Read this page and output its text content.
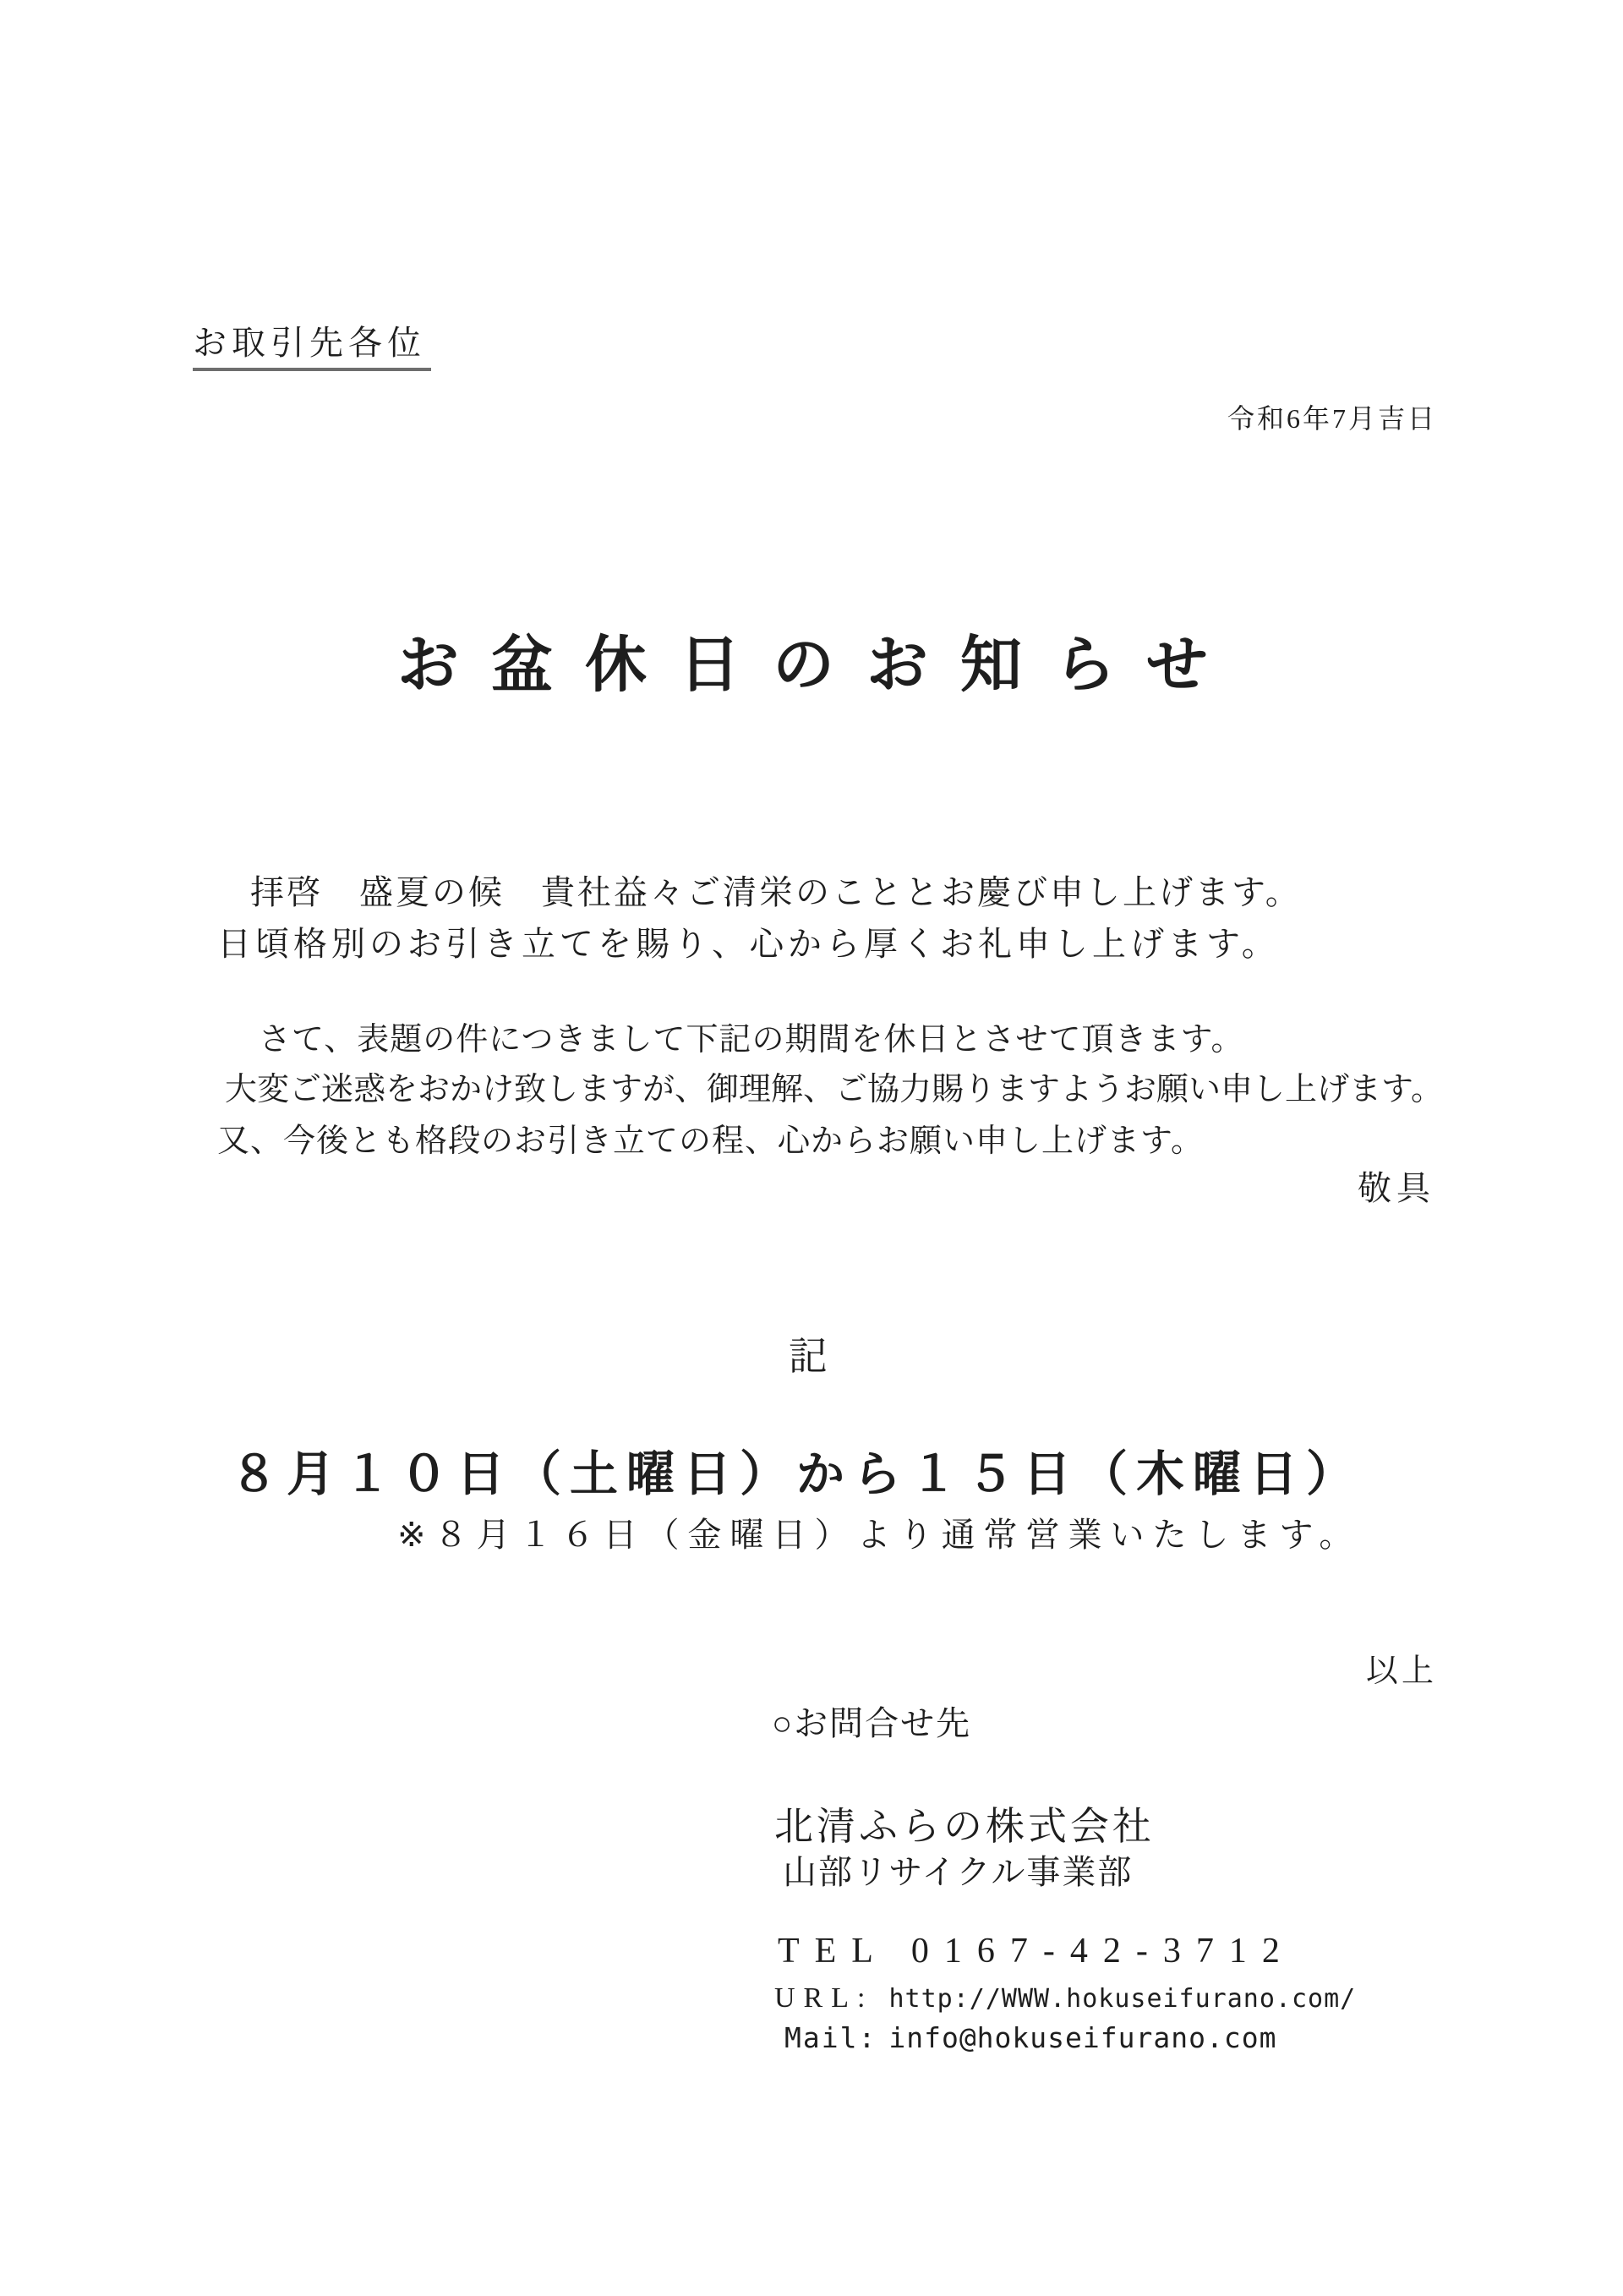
お取引先各位
令和6年7月吉日
お盆休日のお知らせ
拝啓　盛夏の候　貴社益々ご清栄のこととお慶び申し上げます。
日頃格別のお引き立てを賜り、心から厚くお礼申し上げます。
さて、表題の件につきまして下記の期間を休日とさせて頂きます。
大変ご迷惑をおかけ致しますが、御理解、ご協力賜りますようお願い申し上げます。
又、今後とも格段のお引き立ての程、心からお願い申し上げます。
敬具
記
８月１０日（土曜日）から１５日（木曜日）
※８月１６日（金曜日）より通常営業いたします。
以上
○お問合せ先
北清ふらの株式会社
山部リサイクル事業部
TEL 0167-42-3712
URL: http://WWW.hokuseifurano.com/
Mail: info@hokuseifurano.com
